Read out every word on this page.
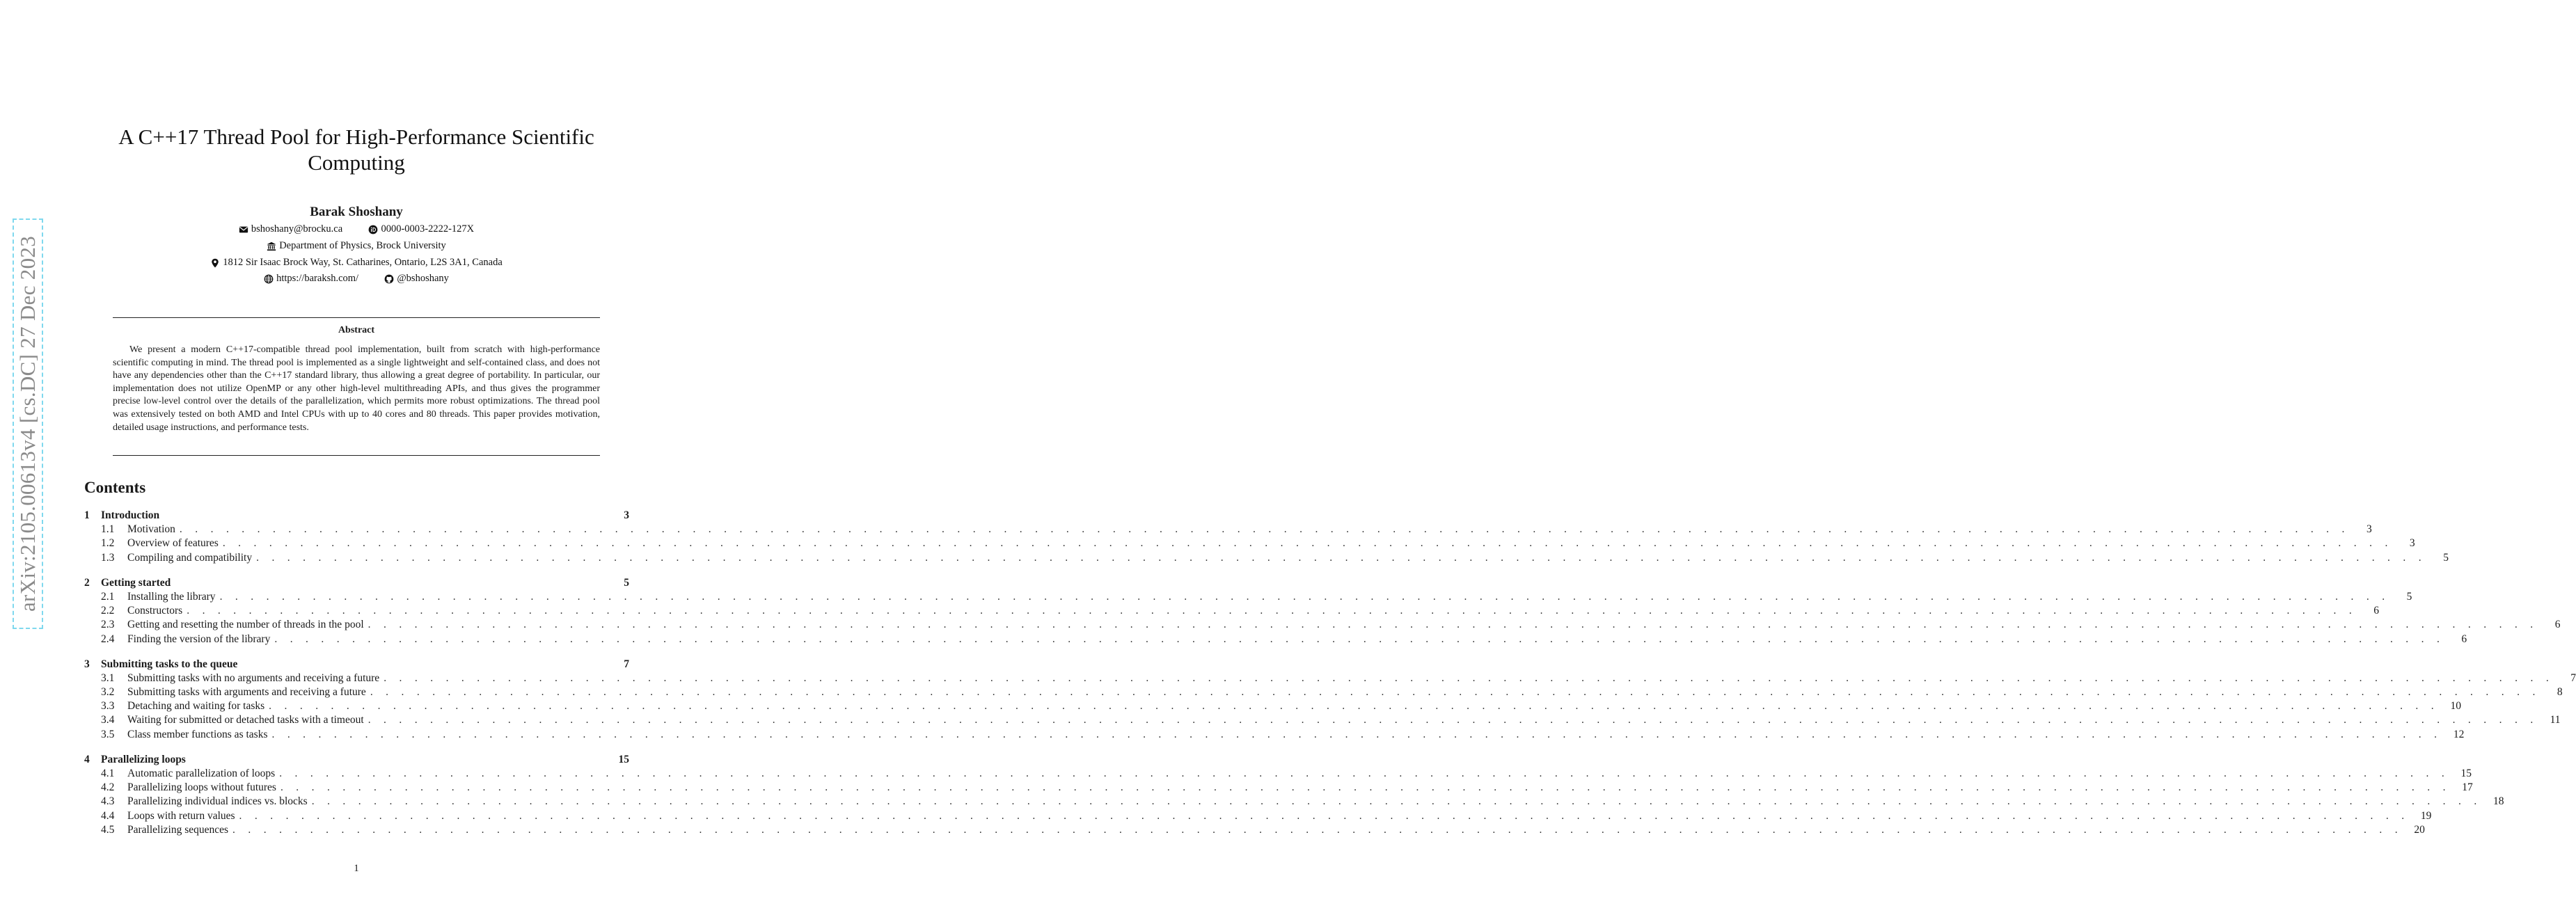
arXiv:2105.00613v4 [cs.DC] 27 Dec 2023
A C++17 Thread Pool for High-Performance Scientific Computing
Barak Shoshany
bshoshany@brocku.ca
	0000-0003-2222-127X
Department of Physics, Brock University
1812 Sir Isaac Brock Way, St. Catharines, Ontario, L2S 3A1, Canada
https://baraksh.com/
	@bshoshany
Abstract

We present a modern C++17-compatible thread pool implementation, built from scratch with high-performance scientific computing in mind. The thread pool is implemented as a single lightweight and self-contained class, and does not have any dependencies other than the C++17 standard library, thus allowing a great degree of portability. In particular, our implementation does not utilize OpenMP or any other high-level multithreading APIs, and thus gives the programmer precise low-level control over the details of the parallelization, which permits more robust optimizations. The thread pool was extensively tested on both AMD and Intel CPUs with up to 40 cores and 80 threads. This paper provides motivation, detailed usage instructions, and performance tests.

Contents
1	Introduction	3
1.1	Motivation . . . . . . . . . . . . . . . . . . . . . . . . . . . . . . . . . . . . . . . . . . . . . . . . . . . . . . . . . . . . . . . . . . . . . . . . . . . . . . . . . . . . . . . . . . . . . . . . . . . . . . . . . . . . . . . . . . . . . . . . . . . . . . . . . . . . . . . . . . . .	3
1.2	Overview of features . . . . . . . . . . . . . . . . . . . . . . . . . . . . . . . . . . . . . . . . . . . . . . . . . . . . . . . . . . . . . . . . . . . . . . . . . . . . . . . . . . . . . . . . . . . . . . . . . . . . . . . . . . . . . . . . . . . . . . . . . . . . . . . . . . . . . . . . . . . .	3
1.3	Compiling and compatibility . . . . . . . . . . . . . . . . . . . . . . . . . . . . . . . . . . . . . . . . . . . . . . . . . . . . . . . . . . . . . . . . . . . . . . . . . . . . . . . . . . . . . . . . . . . . . . . . . . . . . . . . . . . . . . . . . . . . . . . . . . . . . . . . . . . . . . . . . . . .	5
2	Getting started	5
2.1	Installing the library . . . . . . . . . . . . . . . . . . . . . . . . . . . . . . . . . . . . . . . . . . . . . . . . . . . . . . . . . . . . . . . . . . . . . . . . . . . . . . . . . . . . . . . . . . . . . . . . . . . . . . . . . . . . . . . . . . . . . . . . . . . . . . . . . . . . . . . . . . . .	5
2.2	Constructors . . . . . . . . . . . . . . . . . . . . . . . . . . . . . . . . . . . . . . . . . . . . . . . . . . . . . . . . . . . . . . . . . . . . . . . . . . . . . . . . . . . . . . . . . . . . . . . . . . . . . . . . . . . . . . . . . . . . . . . . . . . . . . . . . . . . . . . . . . . .	6
2.3	Getting and resetting the number of threads in the pool . . . . . . . . . . . . . . . . . . . . . . . . . . . . . . . . . . . . . . . . . . . . . . . . . . . . . . . . . . . . . . . . . . . . . . . . . . . . . . . . . . . . . . . . . . . . . . . . . . . . . . . . . . . . . . . . . . . . . . . . . . . . . . . . . . . . . . . . . . . .	6
2.4	Finding the version of the library . . . . . . . . . . . . . . . . . . . . . . . . . . . . . . . . . . . . . . . . . . . . . . . . . . . . . . . . . . . . . . . . . . . . . . . . . . . . . . . . . . . . . . . . . . . . . . . . . . . . . . . . . . . . . . . . . . . . . . . . . . . . . . . . . . . . . . . . . . . .	6
3	Submitting tasks to the queue	7
3.1	Submitting tasks with no arguments and receiving a future . . . . . . . . . . . . . . . . . . . . . . . . . . . . . . . . . . . . . . . . . . . . . . . . . . . . . . . . . . . . . . . . . . . . . . . . . . . . . . . . . . . . . . . . . . . . . . . . . . . . . . . . . . . . . . . . . . . . . . . . . . . . . . . . . . . . . . . . . . . .	7
3.2	Submitting tasks with arguments and receiving a future . . . . . . . . . . . . . . . . . . . . . . . . . . . . . . . . . . . . . . . . . . . . . . . . . . . . . . . . . . . . . . . . . . . . . . . . . . . . . . . . . . . . . . . . . . . . . . . . . . . . . . . . . . . . . . . . . . . . . . . . . . . . . . . . . . . . . . . . . . . .	8
3.3	Detaching and waiting for tasks . . . . . . . . . . . . . . . . . . . . . . . . . . . . . . . . . . . . . . . . . . . . . . . . . . . . . . . . . . . . . . . . . . . . . . . . . . . . . . . . . . . . . . . . . . . . . . . . . . . . . . . . . . . . . . . . . . . . . . . . . . . . . . . . . . . . . . . . . . . .	10
3.4	Waiting for submitted or detached tasks with a timeout . . . . . . . . . . . . . . . . . . . . . . . . . . . . . . . . . . . . . . . . . . . . . . . . . . . . . . . . . . . . . . . . . . . . . . . . . . . . . . . . . . . . . . . . . . . . . . . . . . . . . . . . . . . . . . . . . . . . . . . . . . . . . . . . . . . . . . . . . . . .	11
3.5	Class member functions as tasks . . . . . . . . . . . . . . . . . . . . . . . . . . . . . . . . . . . . . . . . . . . . . . . . . . . . . . . . . . . . . . . . . . . . . . . . . . . . . . . . . . . . . . . . . . . . . . . . . . . . . . . . . . . . . . . . . . . . . . . . . . . . . . . . . . . . . . . . . . . .	12
4	Parallelizing loops	15
4.1	Automatic parallelization of loops . . . . . . . . . . . . . . . . . . . . . . . . . . . . . . . . . . . . . . . . . . . . . . . . . . . . . . . . . . . . . . . . . . . . . . . . . . . . . . . . . . . . . . . . . . . . . . . . . . . . . . . . . . . . . . . . . . . . . . . . . . . . . . . . . . . . . . . . . . . .	15
4.2	Parallelizing loops without futures . . . . . . . . . . . . . . . . . . . . . . . . . . . . . . . . . . . . . . . . . . . . . . . . . . . . . . . . . . . . . . . . . . . . . . . . . . . . . . . . . . . . . . . . . . . . . . . . . . . . . . . . . . . . . . . . . . . . . . . . . . . . . . . . . . . . . . . . . . . .	17
4.3	Parallelizing individual indices vs. blocks . . . . . . . . . . . . . . . . . . . . . . . . . . . . . . . . . . . . . . . . . . . . . . . . . . . . . . . . . . . . . . . . . . . . . . . . . . . . . . . . . . . . . . . . . . . . . . . . . . . . . . . . . . . . . . . . . . . . . . . . . . . . . . . . . . . . . . . . . . . .	18
4.4	Loops with return values . . . . . . . . . . . . . . . . . . . . . . . . . . . . . . . . . . . . . . . . . . . . . . . . . . . . . . . . . . . . . . . . . . . . . . . . . . . . . . . . . . . . . . . . . . . . . . . . . . . . . . . . . . . . . . . . . . . . . . . . . . . . . . . . . . . . . . . . . . . .	19
4.5	Parallelizing sequences . . . . . . . . . . . . . . . . . . . . . . . . . . . . . . . . . . . . . . . . . . . . . . . . . . . . . . . . . . . . . . . . . . . . . . . . . . . . . . . . . . . . . . . . . . . . . . . . . . . . . . . . . . . . . . . . . . . . . . . . . . . . . . . . . . . . . . . . . . . .	20
1
